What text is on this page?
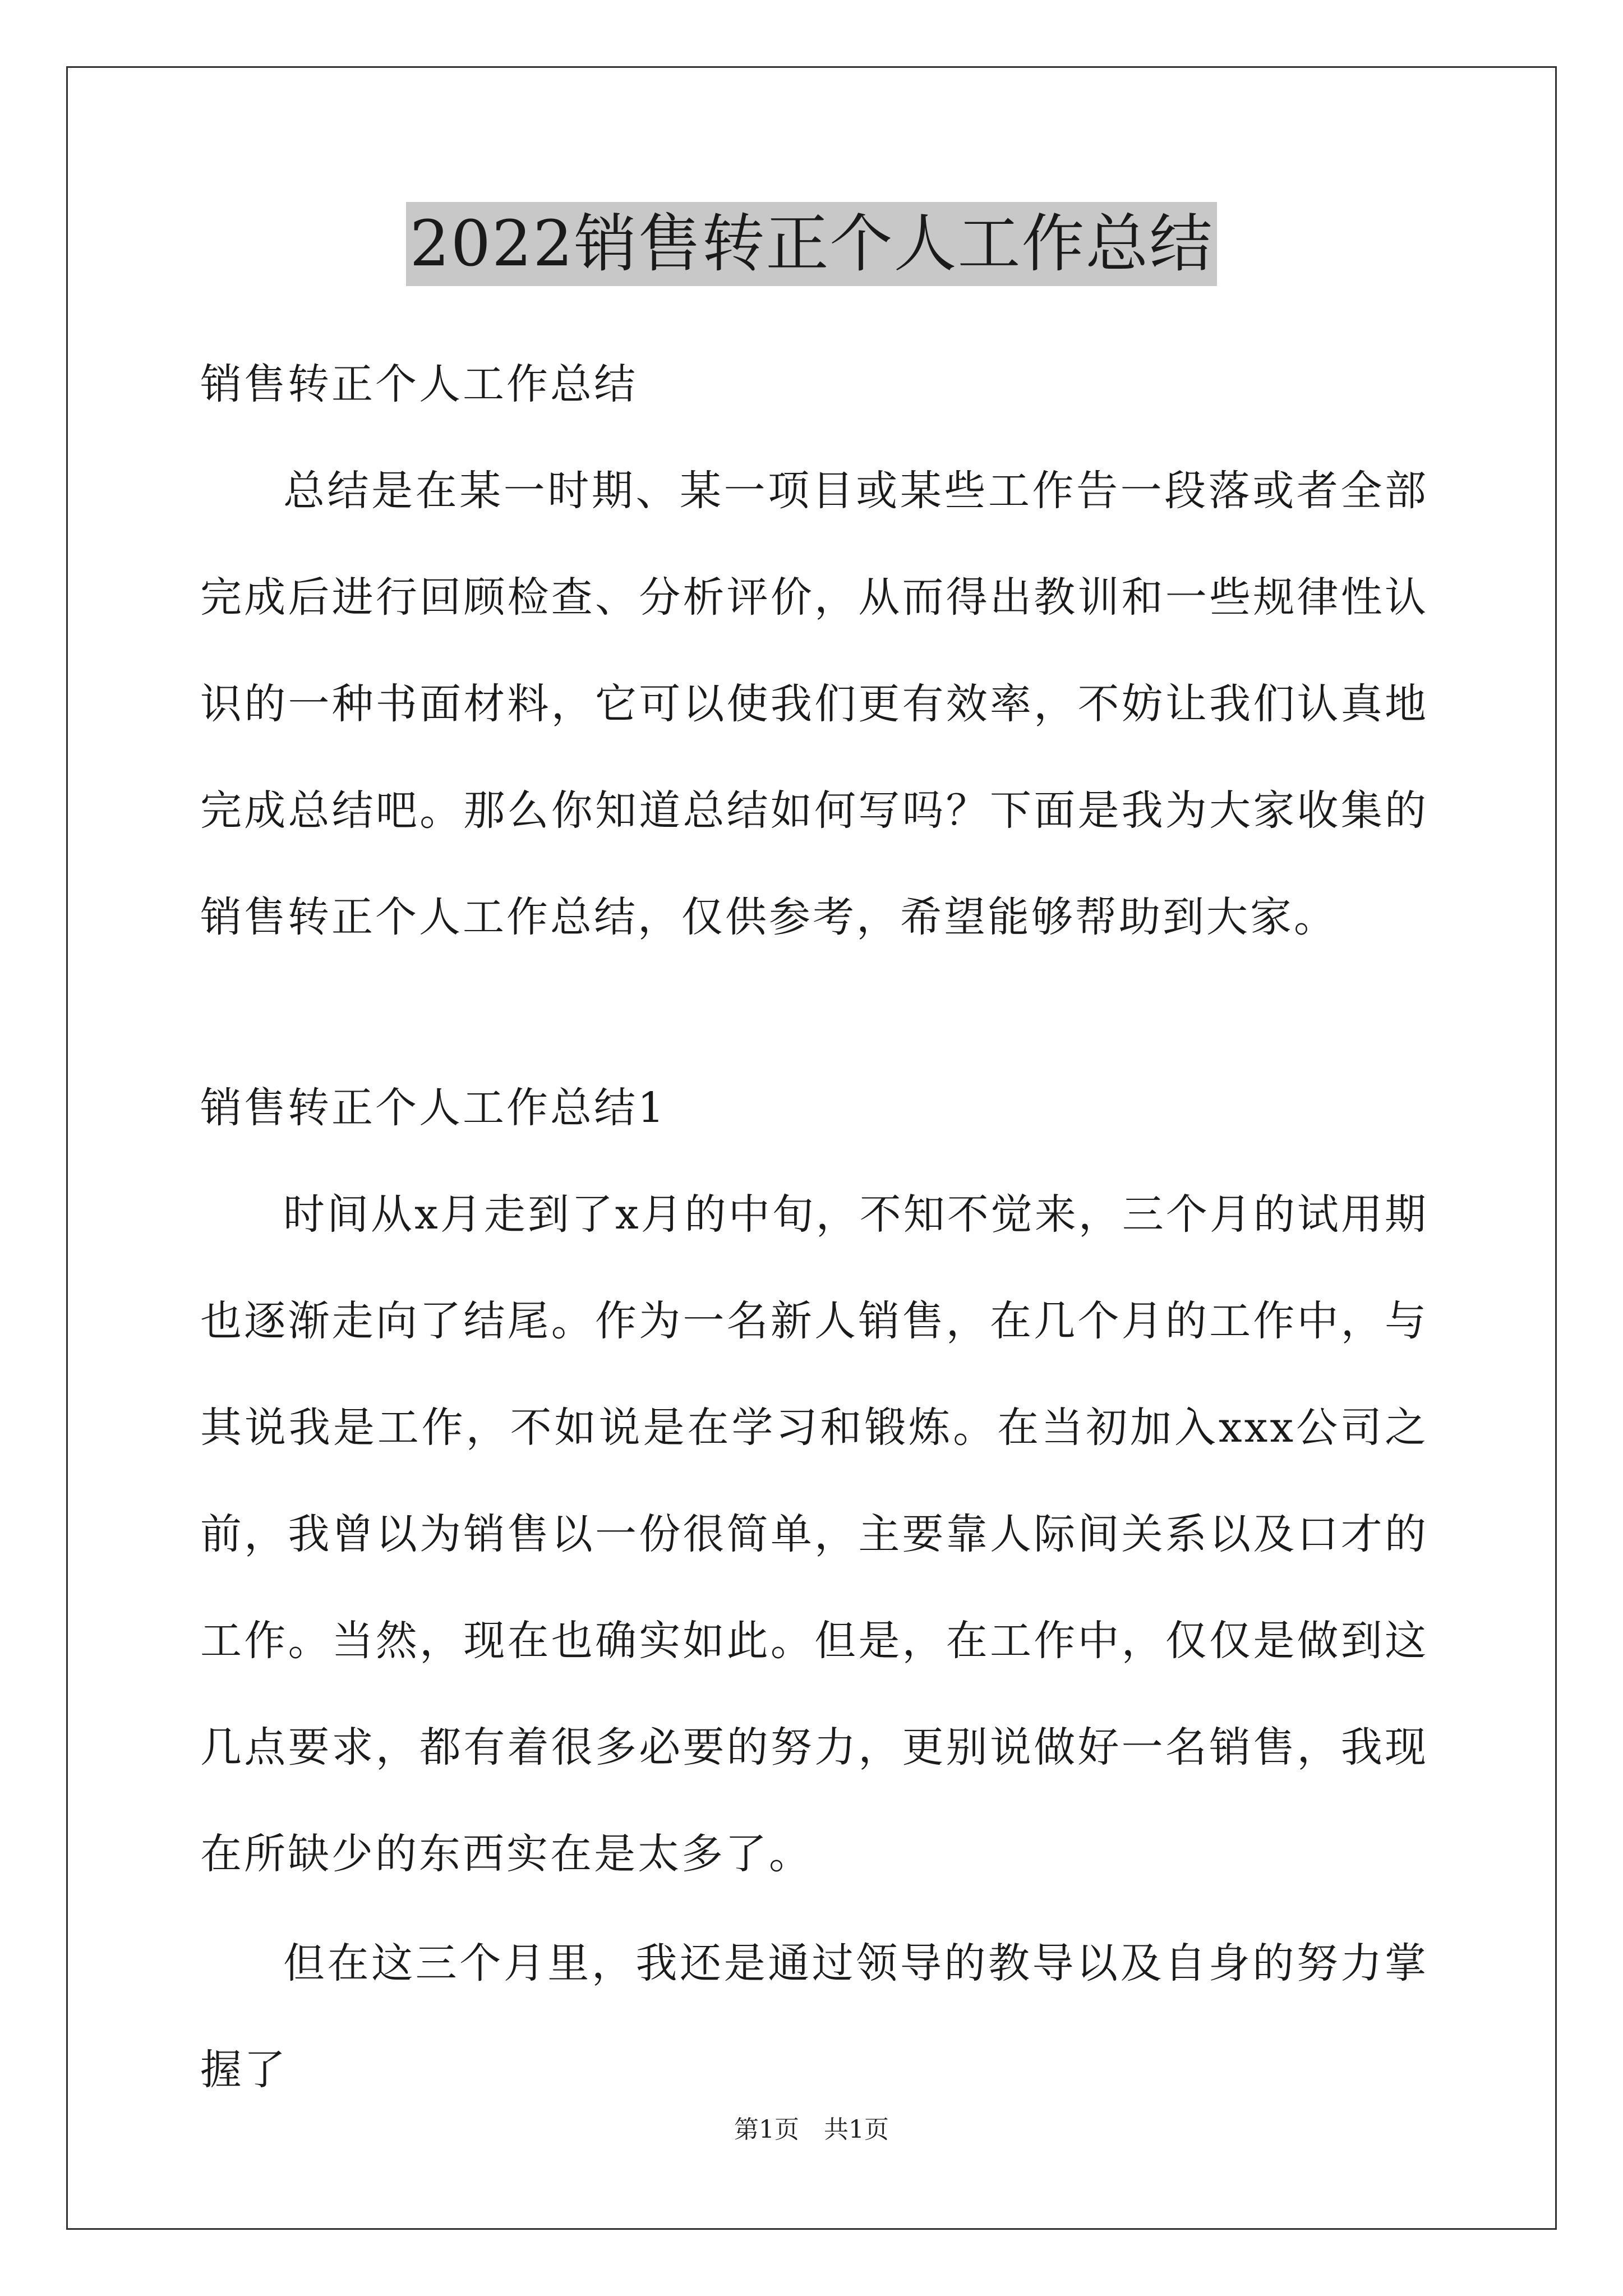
2022销售转正个人工作总结

销售转正个人工作总结

总结是在某一时期、某一项目或某些工作告一段落或者全部完成后进行回顾检查、分析评价，从而得出教训和一些规律性认识的一种书面材料，它可以使我们更有效率，不妨让我们认真地完成总结吧。那么你知道总结如何写吗？下面是我为大家收集的销售转正个人工作总结，仅供参考，希望能够帮助到大家。

销售转正个人工作总结1

时间从x月走到了x月的中旬，不知不觉来，三个月的试用期也逐渐走向了结尾。作为一名新人销售，在几个月的工作中，与其说我是工作，不如说是在学习和锻炼。在当初加入xxx公司之前，我曾以为销售以一份很简单，主要靠人际间关系以及口才的工作。当然，现在也确实如此。但是，在工作中，仅仅是做到这几点要求，都有着很多必要的努力，更别说做好一名销售，我现在所缺少的东西实在是太多了。

但在这三个月里，我还是通过领导的教导以及自身的努力掌握了

第1页　共1页
